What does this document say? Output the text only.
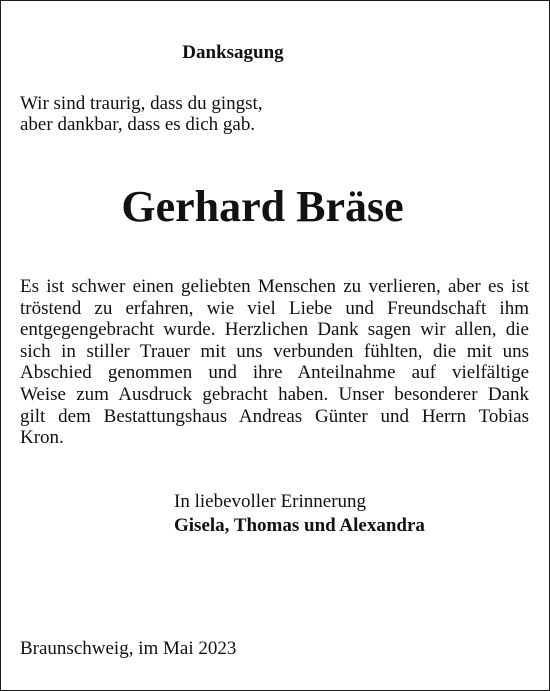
Danksagung
Wir sind traurig, dass du gingst,
aber dankbar, dass es dich gab.
Gerhard Bräse
Es ist schwer einen geliebten Menschen zu verlieren, aber es ist
tröstend zu erfahren, wie viel Liebe und Freundschaft ihm
entgegengebracht wurde. Herzlichen Dank sagen wir allen, die
sich in stiller Trauer mit uns verbunden fühlten, die mit uns
Abschied genommen und ihre Anteilnahme auf vielfältige
Weise zum Ausdruck gebracht haben. Unser besonderer Dank
gilt dem Bestattungshaus Andreas Günter und Herrn Tobias
Kron.
In liebevoller Erinnerung
Gisela, Thomas und Alexandra
Braunschweig, im Mai 2023
